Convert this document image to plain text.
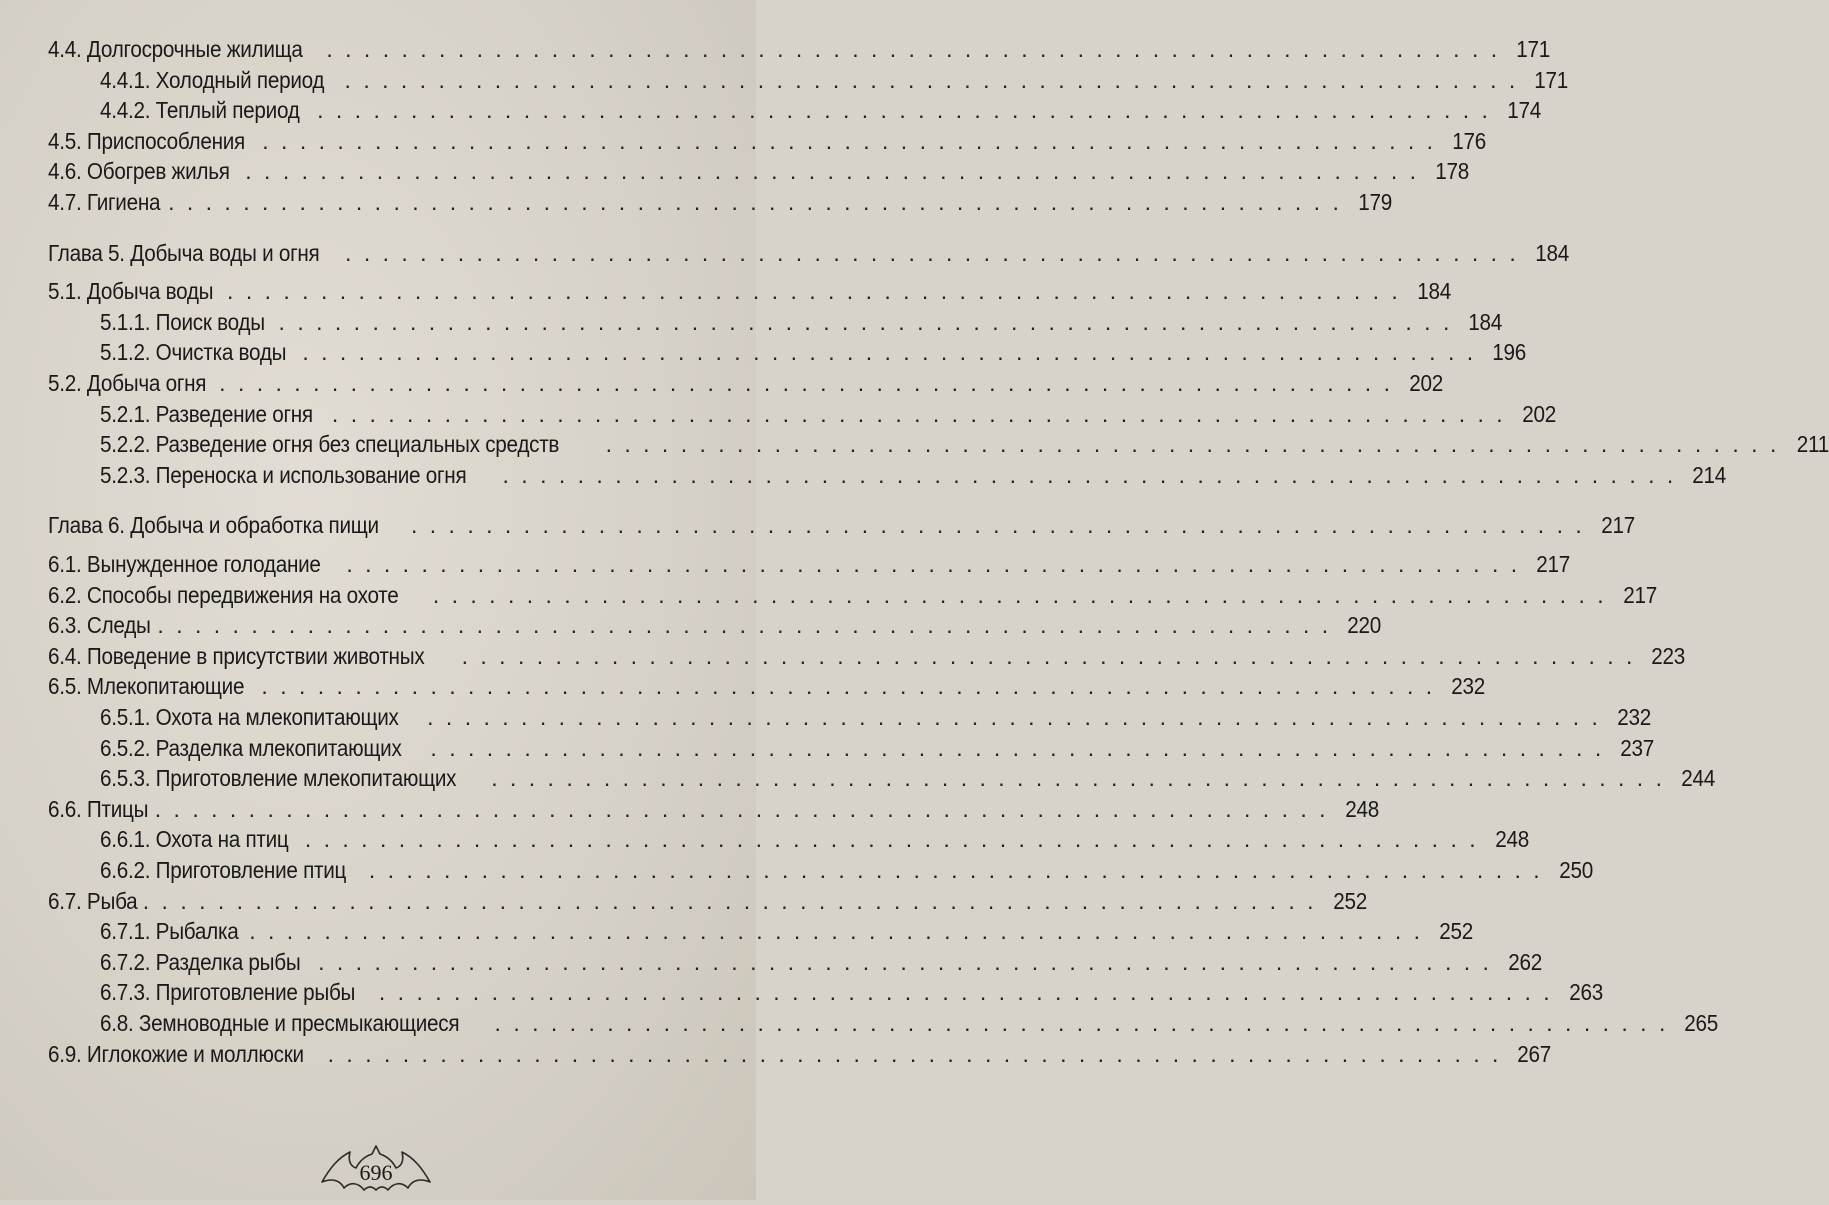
4.4. Долгосрочные жилища . . . . . . . . . . . . . . . . . . . . . . . . . . . . . . . . . . . . . . . . . . . . . . . . . . . . . . . . . . . . . . . 171
4.4.1. Холодный период . . . . . . . . . . . . . . . . . . . . . . . . . . . . . . . . . . . . . . . . . . . . . . . . . . . . . . . . . . . . . . . 171
4.4.2. Теплый период . . . . . . . . . . . . . . . . . . . . . . . . . . . . . . . . . . . . . . . . . . . . . . . . . . . . . . . . . . . . . . . 174
4.5. Приспособления . . . . . . . . . . . . . . . . . . . . . . . . . . . . . . . . . . . . . . . . . . . . . . . . . . . . . . . . . . . . . . . 176
4.6. Обогрев жилья . . . . . . . . . . . . . . . . . . . . . . . . . . . . . . . . . . . . . . . . . . . . . . . . . . . . . . . . . . . . . . . 178
4.7. Гигиена
. . . . . . . . . . . . . . . . . . . . . . . . . . . . . . . . . . . . . . . . . . . . . . . . . . . . . . . . . . . . . . . 179
Глава 5. Добыча воды и огня . . . . . . . . . . . . . . . . . . . . . . . . . . . . . . . . . . . . . . . . . . . . . . . . . . . . . . . . . . . . . . . 184
5.1. Добыча воды . . . . . . . . . . . . . . . . . . . . . . . . . . . . . . . . . . . . . . . . . . . . . . . . . . . . . . . . . . . . . . . 184
5.1.1. Поиск воды . . . . . . . . . . . . . . . . . . . . . . . . . . . . . . . . . . . . . . . . . . . . . . . . . . . . . . . . . . . . . . . 184
5.1.2. Очистка воды . . . . . . . . . . . . . . . . . . . . . . . . . . . . . . . . . . . . . . . . . . . . . . . . . . . . . . . . . . . . . . . 196
5.2. Добыча огня . . . . . . . . . . . . . . . . . . . . . . . . . . . . . . . . . . . . . . . . . . . . . . . . . . . . . . . . . . . . . . . 202
5.2.1. Разведение огня . . . . . . . . . . . . . . . . . . . . . . . . . . . . . . . . . . . . . . . . . . . . . . . . . . . . . . . . . . . . . . . 202
5.2.2. Разведение огня без специальных средств . . . . . . . . . . . . . . . . . . . . . . . . . . . . . . . . . . . . . . . . . . . . . . . . . . . . . . . . . . . . . . . 211
5.2.3. Переноска и использование огня . . . . . . . . . . . . . . . . . . . . . . . . . . . . . . . . . . . . . . . . . . . . . . . . . . . . . . . . . . . . . . . 214
Глава 6. Добыча и обработка пищи . . . . . . . . . . . . . . . . . . . . . . . . . . . . . . . . . . . . . . . . . . . . . . . . . . . . . . . . . . . . . . . 217
6.1. Вынужденное голодание . . . . . . . . . . . . . . . . . . . . . . . . . . . . . . . . . . . . . . . . . . . . . . . . . . . . . . . . . . . . . . . 217
6.2. Способы передвижения на охоте . . . . . . . . . . . . . . . . . . . . . . . . . . . . . . . . . . . . . . . . . . . . . . . . . . . . . . . . . . . . . . . 217
6.3. Следы
. . . . . . . . . . . . . . . . . . . . . . . . . . . . . . . . . . . . . . . . . . . . . . . . . . . . . . . . . . . . . . . 220
6.4. Поведение в присутствии животных . . . . . . . . . . . . . . . . . . . . . . . . . . . . . . . . . . . . . . . . . . . . . . . . . . . . . . . . . . . . . . . 223
6.5. Млекопитающие . . . . . . . . . . . . . . . . . . . . . . . . . . . . . . . . . . . . . . . . . . . . . . . . . . . . . . . . . . . . . . . 232
6.5.1. Охота на млекопитающих . . . . . . . . . . . . . . . . . . . . . . . . . . . . . . . . . . . . . . . . . . . . . . . . . . . . . . . . . . . . . . . 232
6.5.2. Разделка млекопитающих . . . . . . . . . . . . . . . . . . . . . . . . . . . . . . . . . . . . . . . . . . . . . . . . . . . . . . . . . . . . . . . 237
6.5.3. Приготовление млекопитающих . . . . . . . . . . . . . . . . . . . . . . . . . . . . . . . . . . . . . . . . . . . . . . . . . . . . . . . . . . . . . . . 244
6.6. Птицы
. . . . . . . . . . . . . . . . . . . . . . . . . . . . . . . . . . . . . . . . . . . . . . . . . . . . . . . . . . . . . . . 248
6.6.1. Охота на птиц . . . . . . . . . . . . . . . . . . . . . . . . . . . . . . . . . . . . . . . . . . . . . . . . . . . . . . . . . . . . . . . 248
6.6.2. Приготовление птиц . . . . . . . . . . . . . . . . . . . . . . . . . . . . . . . . . . . . . . . . . . . . . . . . . . . . . . . . . . . . . . . 250
6.7. Рыба
. . . . . . . . . . . . . . . . . . . . . . . . . . . . . . . . . . . . . . . . . . . . . . . . . . . . . . . . . . . . . . . 252
6.7.1. Рыбалка . . . . . . . . . . . . . . . . . . . . . . . . . . . . . . . . . . . . . . . . . . . . . . . . . . . . . . . . . . . . . . . 252
6.7.2. Разделка рыбы . . . . . . . . . . . . . . . . . . . . . . . . . . . . . . . . . . . . . . . . . . . . . . . . . . . . . . . . . . . . . . . 262
6.7.3. Приготовление рыбы . . . . . . . . . . . . . . . . . . . . . . . . . . . . . . . . . . . . . . . . . . . . . . . . . . . . . . . . . . . . . . . 263
6.8. Земноводные и пресмыкающиеся . . . . . . . . . . . . . . . . . . . . . . . . . . . . . . . . . . . . . . . . . . . . . . . . . . . . . . . . . . . . . . . 265
6.9. Иглокожие и моллюски . . . . . . . . . . . . . . . . . . . . . . . . . . . . . . . . . . . . . . . . . . . . . . . . . . . . . . . . . . . . . . . 267
696
